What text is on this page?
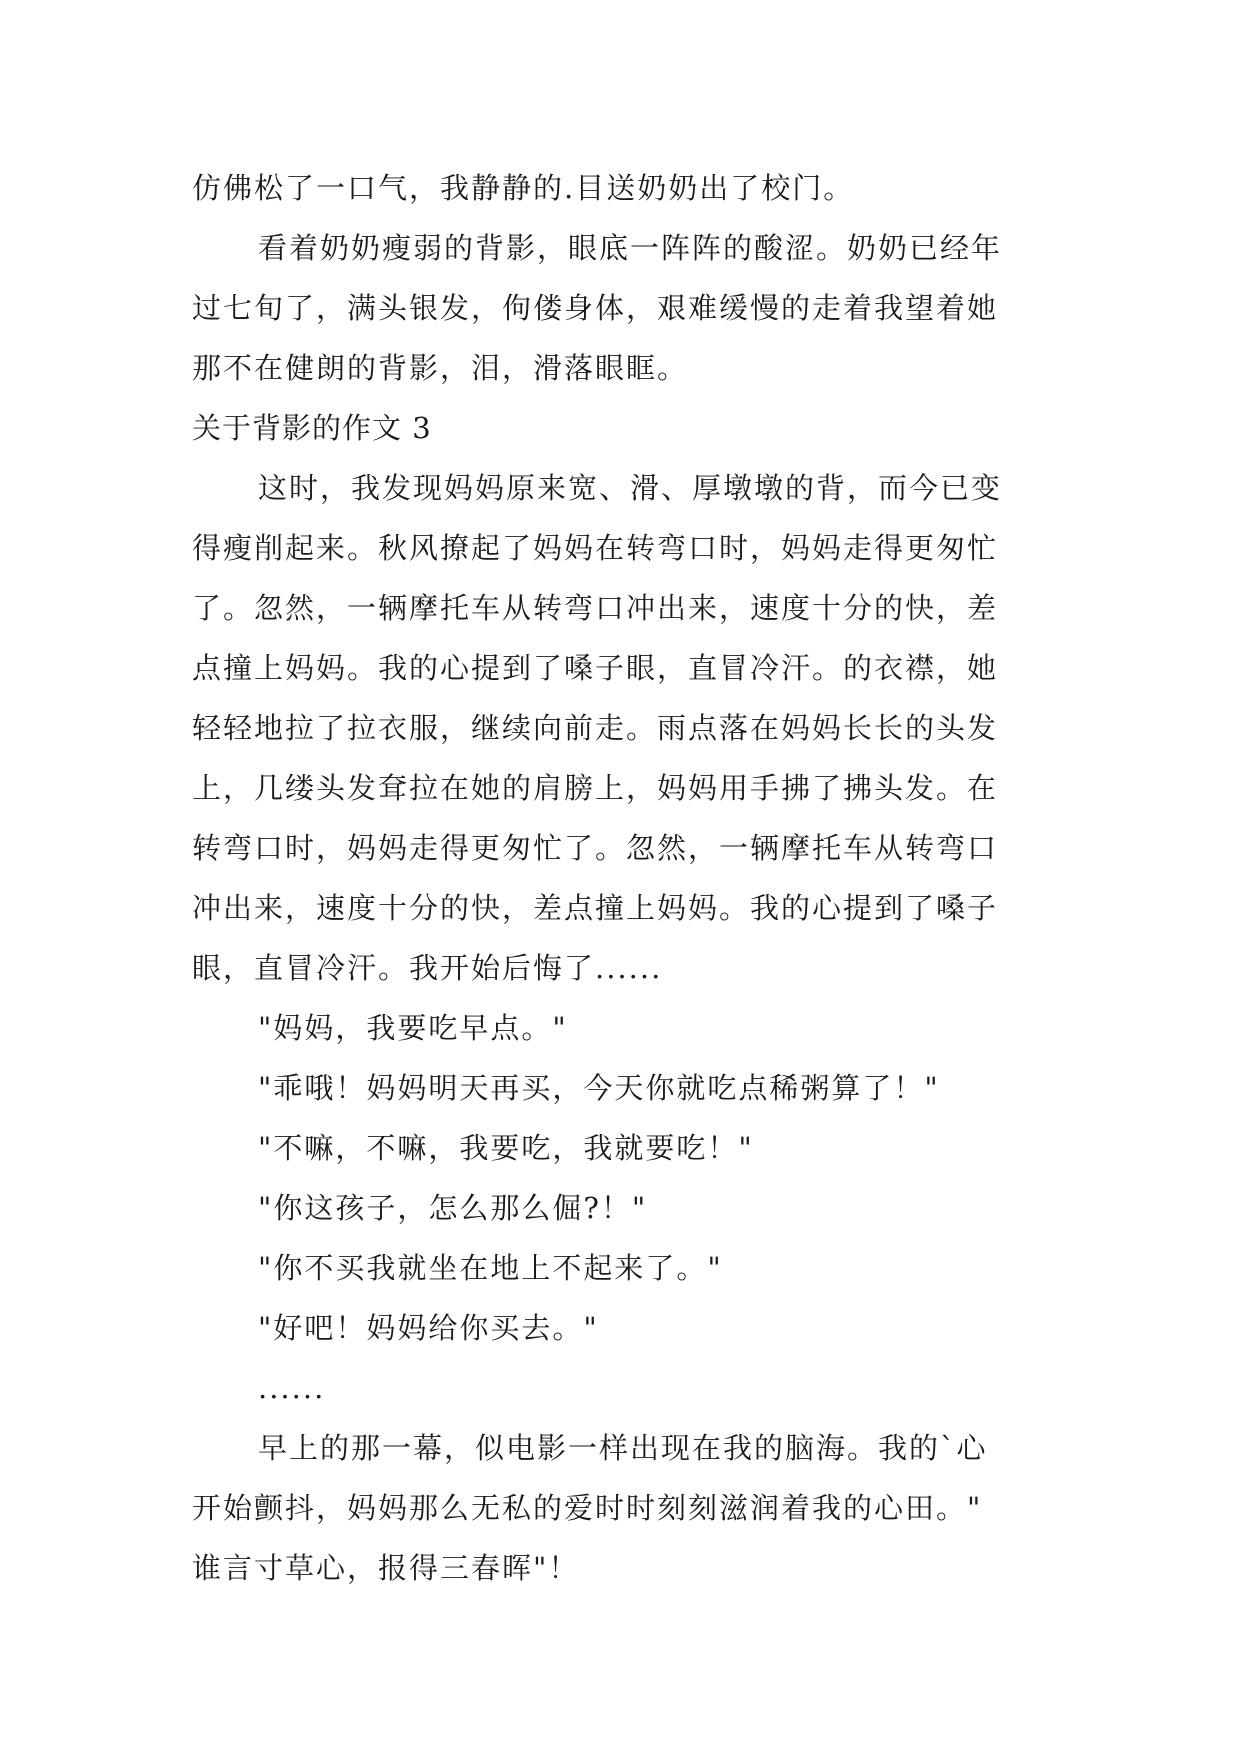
仿佛松了一口气，我静静的.目送奶奶出了校门。
看着奶奶瘦弱的背影，眼底一阵阵的酸涩。奶奶已经年
过七旬了，满头银发，佝偻身体，艰难缓慢的走着我望着她
那不在健朗的背影，泪，滑落眼眶。
关于背影的作文 3
这时，我发现妈妈原来宽、滑、厚墩墩的背，而今已变
得瘦削起来。秋风撩起了妈妈在转弯口时，妈妈走得更匆忙
了。忽然，一辆摩托车从转弯口冲出来，速度十分的快，差
点撞上妈妈。我的心提到了嗓子眼，直冒冷汗。的衣襟，她
轻轻地拉了拉衣服，继续向前走。雨点落在妈妈长长的头发
上，几缕头发耷拉在她的肩膀上，妈妈用手拂了拂头发。在
转弯口时，妈妈走得更匆忙了。忽然，一辆摩托车从转弯口
冲出来，速度十分的快，差点撞上妈妈。我的心提到了嗓子
眼，直冒冷汗。我开始后悔了......
"妈妈，我要吃早点。"
"乖哦！妈妈明天再买，今天你就吃点稀粥算了！"
"不嘛，不嘛，我要吃，我就要吃！"
"你这孩子，怎么那么倔?！"
"你不买我就坐在地上不起来了。"
"好吧！妈妈给你买去。"
......
早上的那一幕，似电影一样出现在我的脑海。我的`心
开始颤抖，妈妈那么无私的爱时时刻刻滋润着我的心田。"
谁言寸草心，报得三春晖"！
